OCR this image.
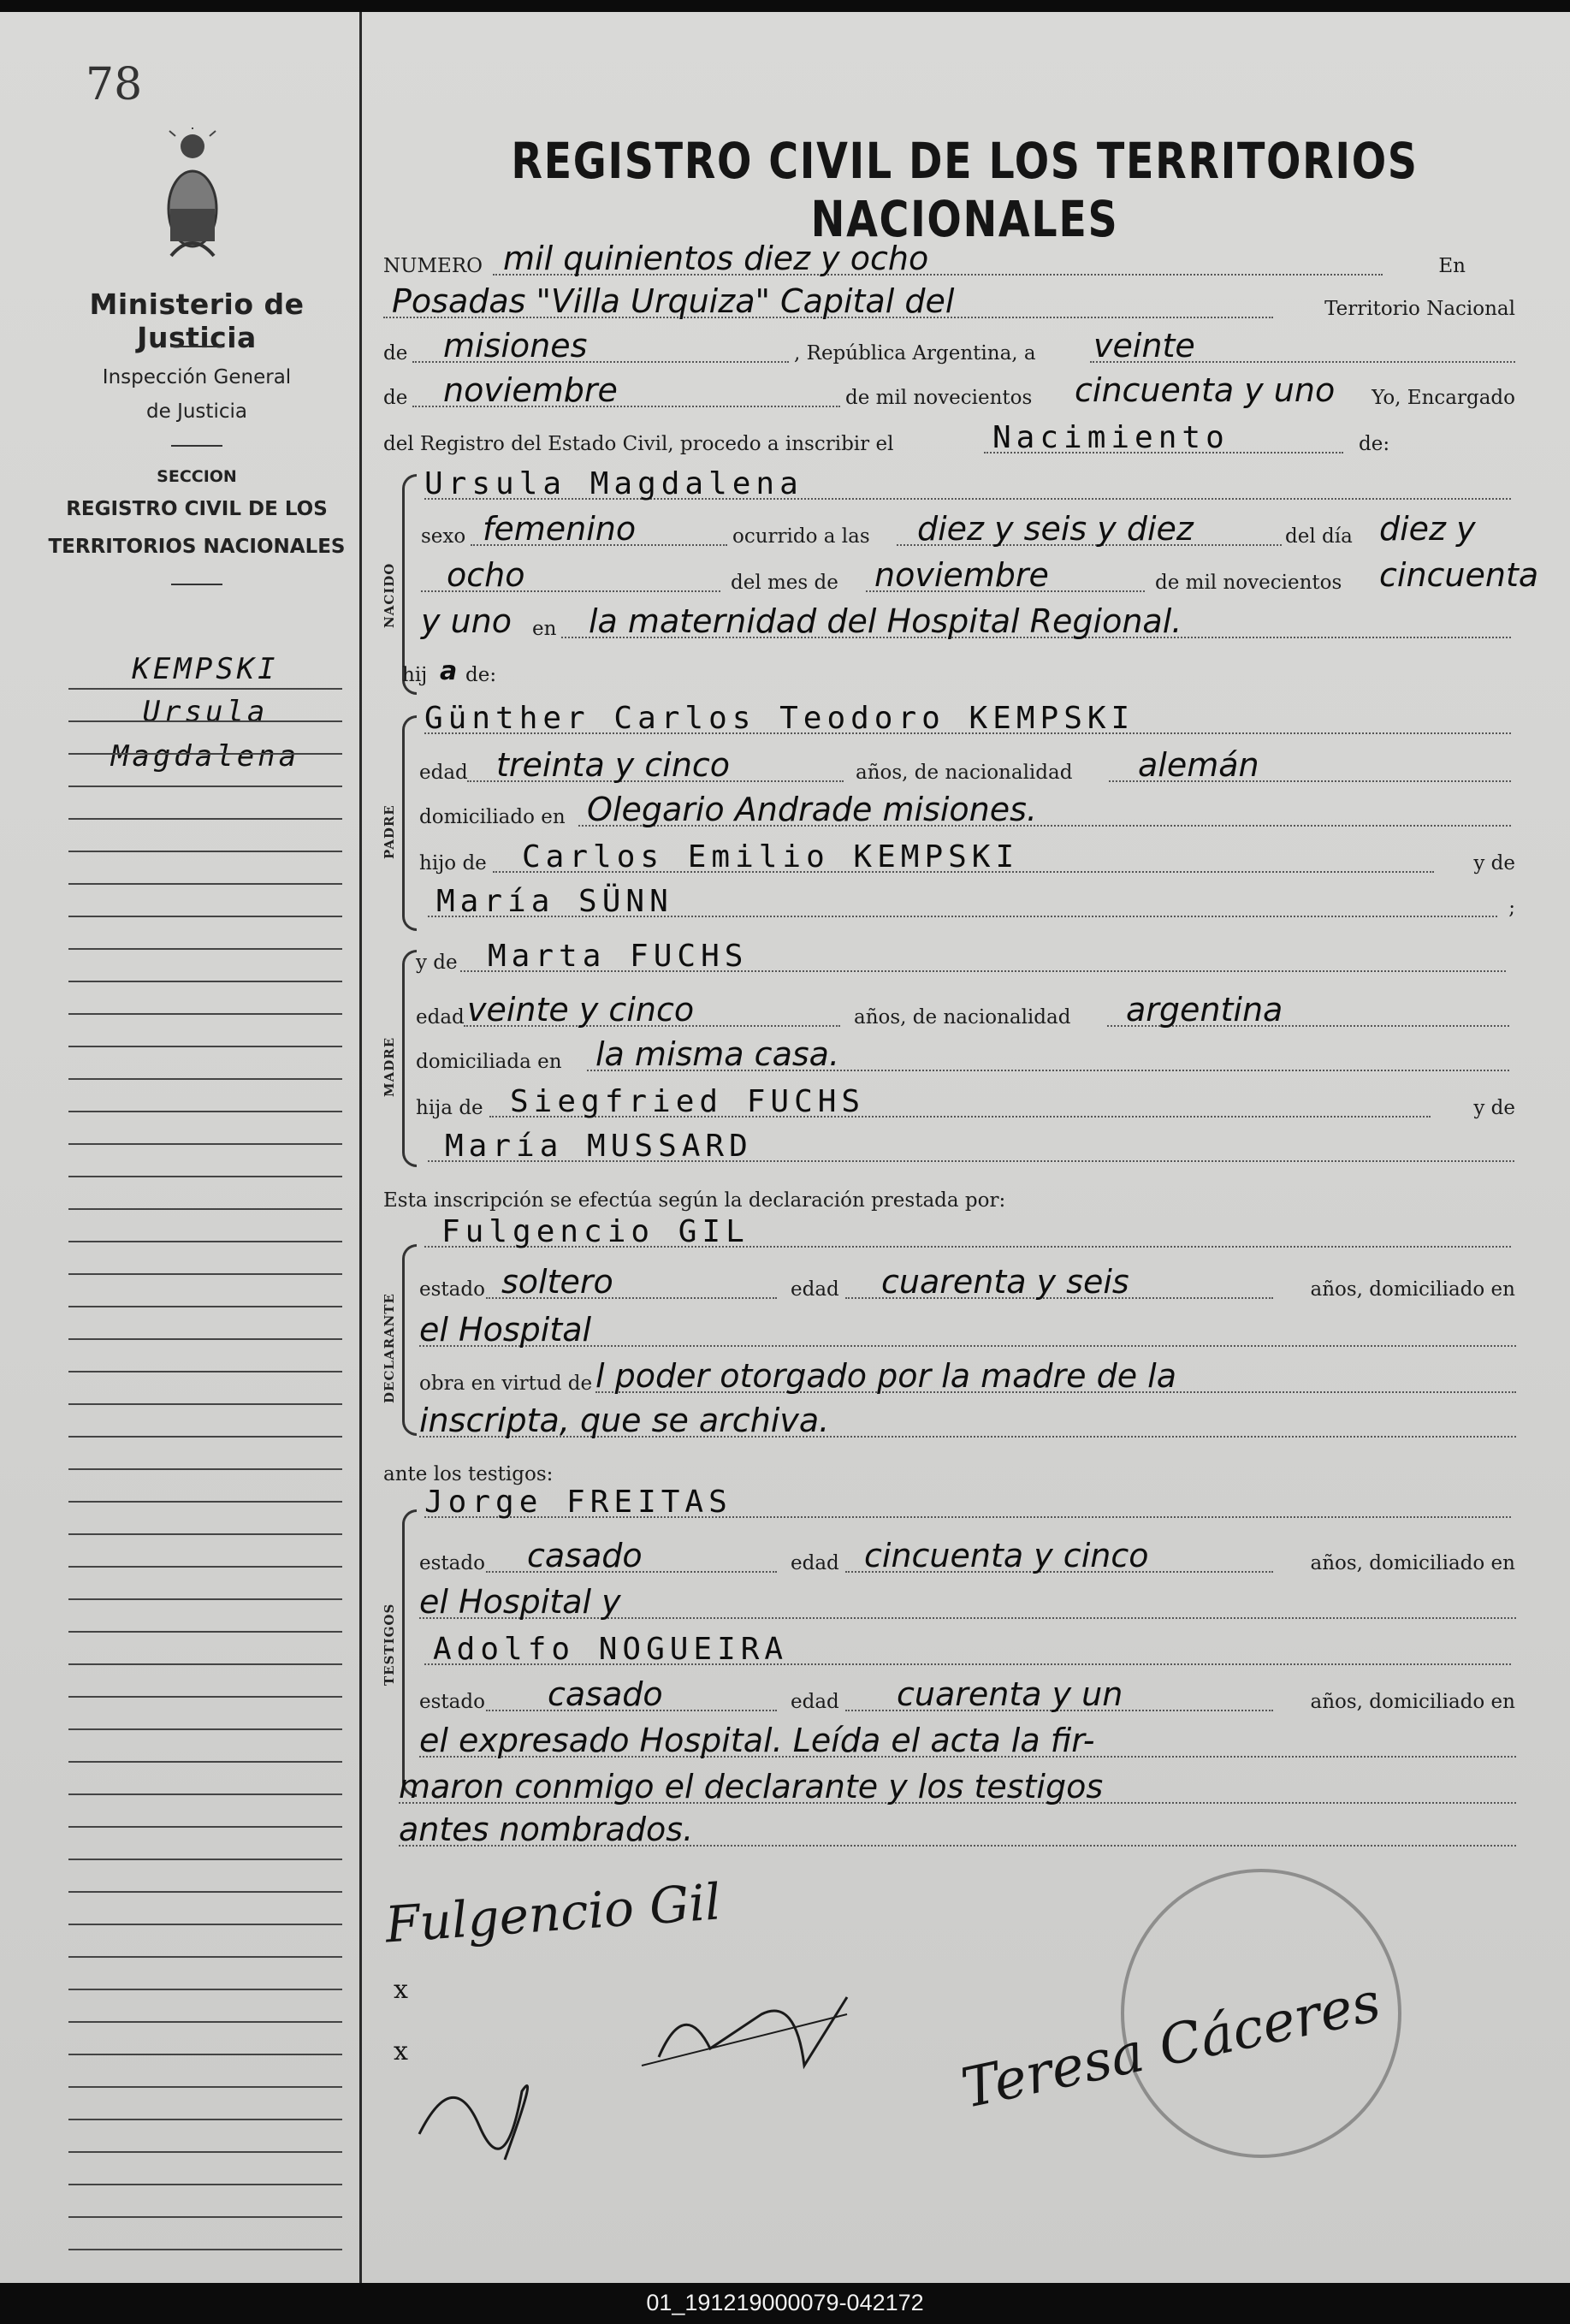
78
Ministerio de Justicia
Inspección General
de Justicia
SECCION
REGISTRO CIVIL DE LOS
TERRITORIOS NACIONALES
KEMPSKI
Ursula
Magdalena
REGISTRO CIVIL DE LOS TERRITORIOS NACIONALES
NUMERO mil quinientos diez y ocho	En
Posadas "Villa Urquiza" Capital del	Territorio Nacional
de misiones	, República Argentina, a veinte
de noviembre	de mil novecientos cincuenta y uno Yo, Encargado
del Registro del Estado Civil, procedo a inscribir el	Nacimiento	de:
NACIDO
Ursula Magdalena
sexo femenino	ocurrido a las diez y seis y diez	del día diez y
ocho	del mes de noviembre	de mil novecientos cincuenta
y uno en la maternidad del Hospital Regional.
hij a de:
PADRE
Günther Carlos Teodoro KEMPSKI
edad treinta y cinco	años, de nacionalidad alemán
domiciliado en Olegario Andrade misiones.
hijo de Carlos Emilio KEMPSKI	y de
María SÜNN	;
MADRE
y de Marta FUCHS
edad veinte y cinco	años, de nacionalidad argentina
domiciliada en la misma casa.
hija de Siegfried FUCHS	y de
María MUSSARD
Esta inscripción se efectúa según la declaración prestada por:
DECLARANTE
Fulgencio GIL
estado soltero	edad cuarenta y seis	años, domiciliado en
el Hospital
obra en virtud de l poder otorgado por la madre de la
inscripta, que se archiva.
ante los testigos:
TESTIGOS
Jorge FREITAS
estado casado	edad cincuenta y cinco	años, domiciliado en
el Hospital y
Adolfo NOGUEIRA
estado casado	edad cuarenta y un	años, domiciliado en
el expresado Hospital. Leída el acta la fir-
maron conmigo el declarante y los testigos
antes nombrados.
Fulgencio Gil
x
x	Teresa Cáceres
01_191219000079-042172
